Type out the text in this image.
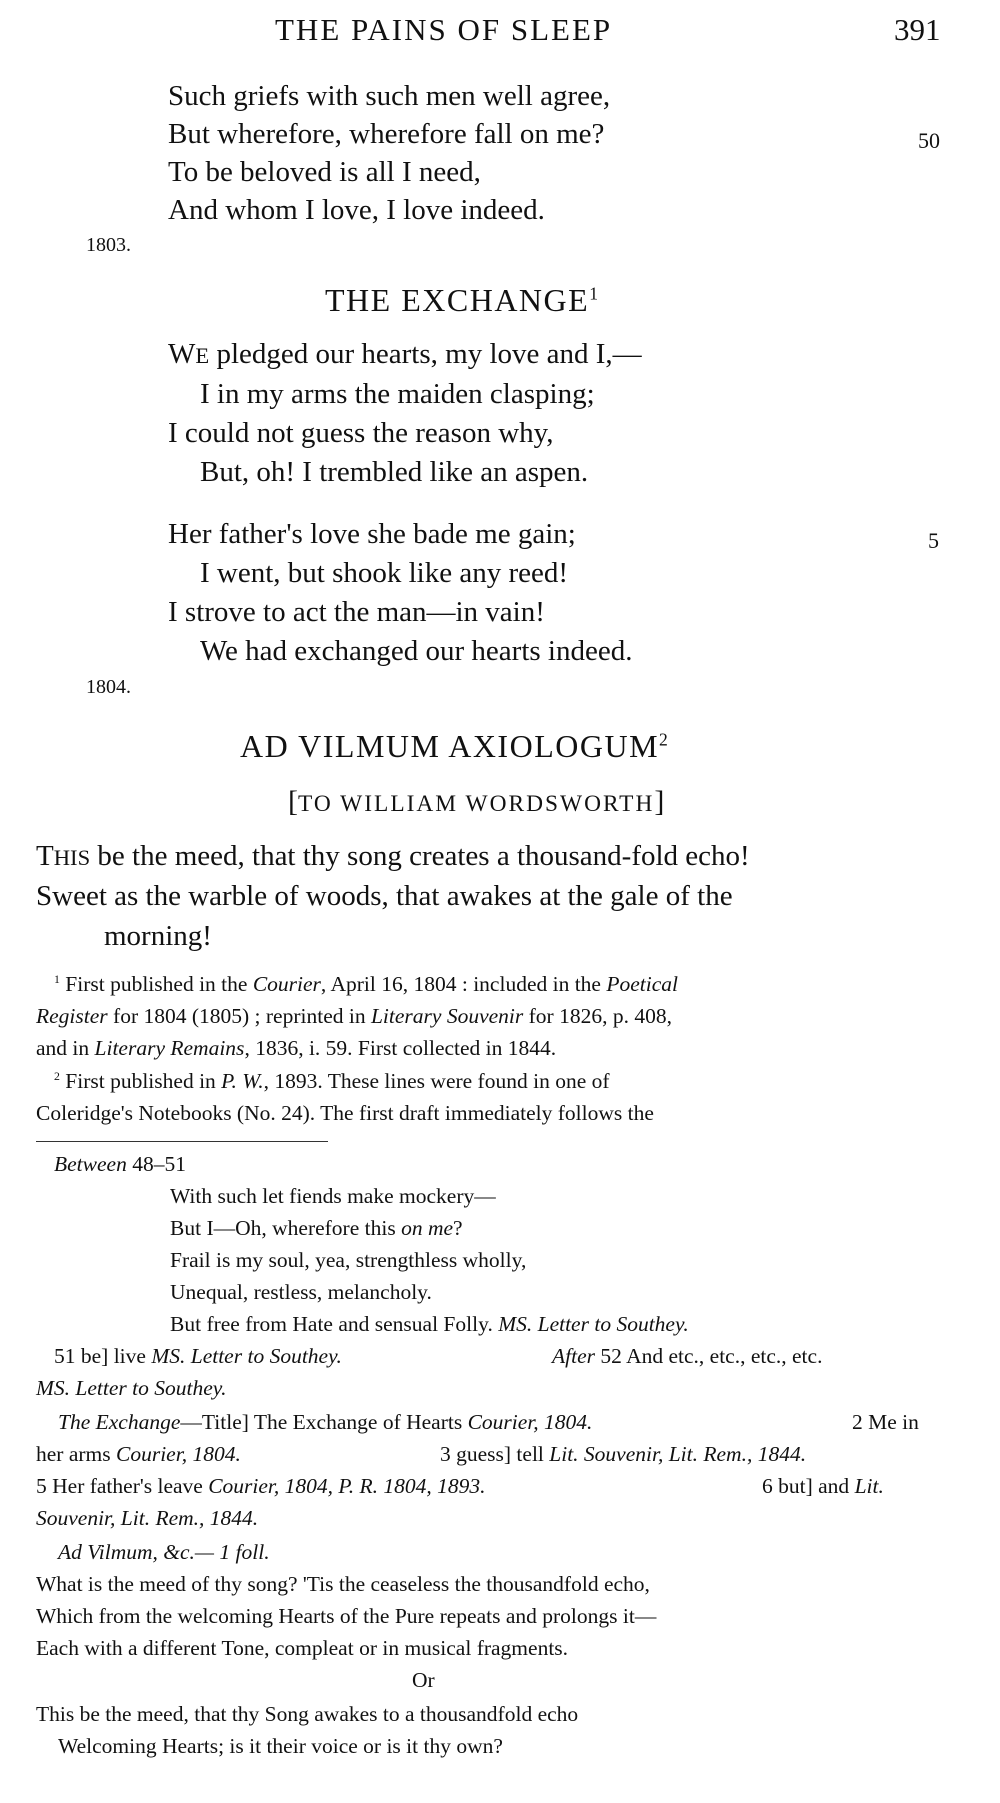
THE PAINS OF SLEEP	391
Such griefs with such men well agree,
But wherefore, wherefore fall on me?	50
To be beloved is all I need,
And whom I love, I love indeed.
1803.
THE EXCHANGE$^1$
WE pledged our hearts, my love and I,—
I in my arms the maiden clasping;
I could not guess the reason why,
But, oh! I trembled like an aspen.
Her father's love she bade me gain;	5
I went, but shook like any reed!
I strove to act the man—in vain!
We had exchanged our hearts indeed.
1804.
AD VILMUM AXIOLOGUM$^2$
[TO WILLIAM WORDSWORTH]
THIS be the meed, that thy song creates a thousand-fold echo!
Sweet as the warble of woods, that awakes at the gale of the
morning!
$^1$ First published in the Courier, April 16, 1804 : included in the Poetical
Register for 1804 (1805) ; reprinted in Literary Souvenir for 1826, p. 408,
and in Literary Remains, 1836, i. 59. First collected in 1844.
$^2$ First published in P. W., 1893. These lines were found in one of
Coleridge's Notebooks (No. 24). The first draft immediately follows the
Between 48–51
With such let fiends make mockery—
But I—Oh, wherefore this on me?
Frail is my soul, yea, strengthless wholly,
Unequal, restless, melancholy.
But free from Hate and sensual Folly. MS. Letter to Southey.
51 be] live MS. Letter to Southey.	After 52 And etc., etc., etc., etc.
MS. Letter to Southey.
The Exchange—Title] The Exchange of Hearts Courier, 1804.	2 Me in
her arms Courier, 1804.	3 guess] tell Lit. Souvenir, Lit. Rem., 1844.
5 Her father's leave Courier, 1804, P. R. 1804, 1893.	6 but] and Lit.
Souvenir, Lit. Rem., 1844.
Ad Vilmum, &c.— 1 foll.
What is the meed of thy song? 'Tis the ceaseless the thousandfold echo,
Which from the welcoming Hearts of the Pure repeats and prolongs it—
Each with a different Tone, compleat or in musical fragments.
Or
This be the meed, that thy Song awakes to a thousandfold echo
Welcoming Hearts; is it their voice or is it thy own?
